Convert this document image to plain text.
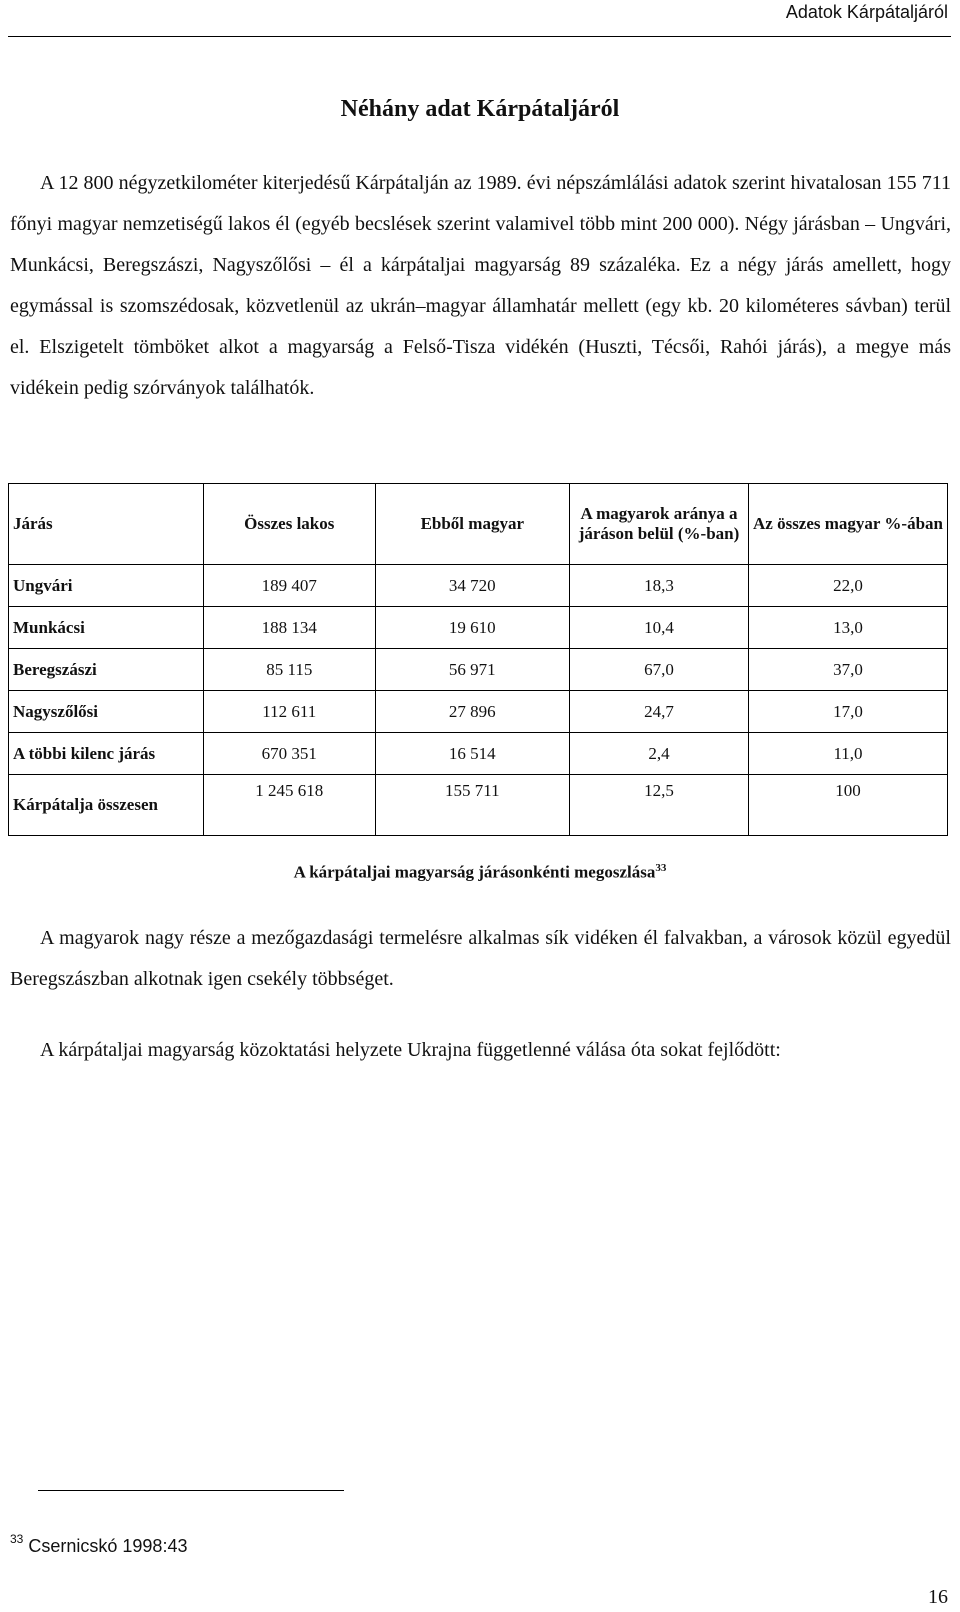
Adatok Kárpátaljáról
Néhány adat Kárpátaljáról

A 12 800 négyzetkilométer kiterjedésű Kárpátalján az 1989. évi népszámlálási adatok szerint hivatalosan 155 711 főnyi magyar nemzetiségű lakos él (egyéb becslések szerint valamivel több mint 200 000). Négy járásban – Ungvári, Munkácsi, Beregszászi, Nagyszőlősi – él a kárpátaljai magyarság 89 százaléka. Ez a négy járás amellett, hogy egymással is szomszédosak, közvetlenül az ukrán–magyar államhatár mellett (egy kb. 20 kilométeres sávban) terül el. Elszigetelt tömböket alkot a magyarság a Felső-Tisza vidékén (Huszti, Técsői, Rahói járás), a megye más vidékein pedig szórványok találhatók.

Járás	Összes lakos	Ebből magyar	A magyarok aránya a járáson belül (%-ban)	Az összes magyar %-ában
Ungvári	189 407	34 720	18,3	22,0
Munkácsi	188 134	19 610	10,4	13,0
Beregszászi	85 115	56 971	67,0	37,0
Nagyszőlősi	112 611	27 896	24,7	17,0
A többi kilenc járás	670 351	16 514	2,4	11,0
Kárpátalja összesen	1 245 618	155 711	12,5	100
A kárpátaljai magyarság járásonkénti megoszlása$^{33}$

A magyarok nagy része a mezőgazdasági termelésre alkalmas sík vidéken él falvakban, a városok közül egyedül Beregszászban alkotnak igen csekély többséget.

A kárpátaljai magyarság közoktatási helyzete Ukrajna függetlenné válása óta sokat fejlődött:

$^{33}$ Csernicskó 1998:43
16
